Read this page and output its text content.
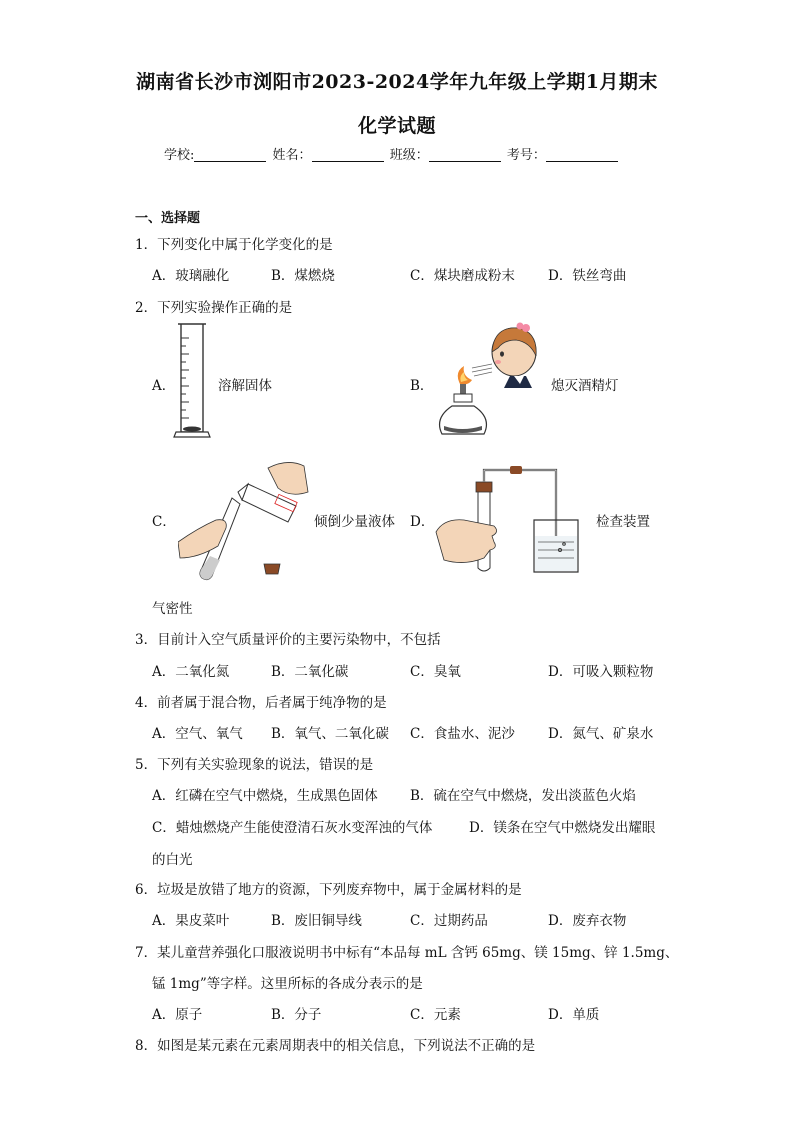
湖南省长沙市浏阳市2023-2024学年九年级上学期1月期末
化学试题
学校:	姓名：	班级：	考号：
一、选择题
1．下列变化中属于化学变化的是
A．玻璃融化	B．煤燃烧	C．煤块磨成粉末 D．铁丝弯曲
2．下列实验操作正确的是
A．	溶解固体	B．	熄灭酒精灯
C．	倾倒少量液体 D．	检查装置
气密性
3．目前计入空气质量评价的主要污染物中，不包括
A．二氧化氮	B．二氧化碳	C．臭氧	D．可吸入颗粒物
4．前者属于混合物，后者属于纯净物的是
A．空气、氧气 B．氧气、二氧化碳 C．食盐水、泥沙 D．氮气、矿泉水
5．下列有关实验现象的说法，错误的是
A．红磷在空气中燃烧，生成黑色固体 B．硫在空气中燃烧，发出淡蓝色火焰
C．蜡烛燃烧产生能使澄清石灰水变浑浊的气体	D．镁条在空气中燃烧发出耀眼
的白光
6．垃圾是放错了地方的资源，下列废弃物中，属于金属材料的是
A．果皮菜叶	B．废旧铜导线	C．过期药品	D．废弃衣物
7．某儿童营养强化口服液说明书中标有“本品每 mL 含钙 65mg、镁 15mg、锌 1.5mg、
锰 1mg”等字样。这里所标的各成分表示的是
A．原子	B．分子	C．元素	D．单质
8．如图是某元素在元素周期表中的相关信息，下列说法不正确的是
